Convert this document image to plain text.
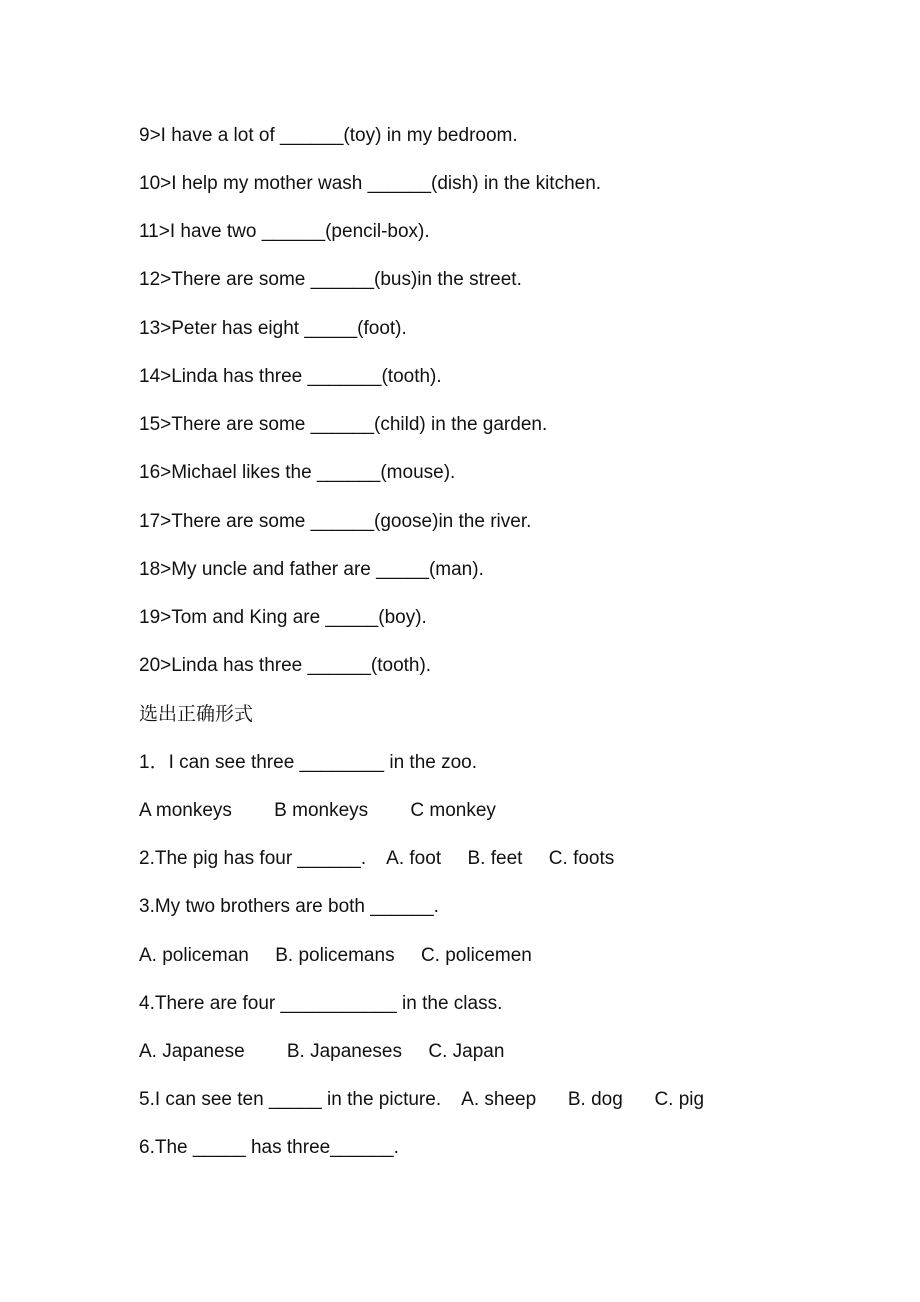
9>I have a lot of ______(toy) in my bedroom.
10>I help my mother wash ______(dish) in the kitchen.
11>I have two ______(pencil-box).
12>There are some ______(bus)in the street.
13>Peter has eight _____(foot).
14>Linda has three _______(tooth).
15>There are some ______(child) in the garden.
16>Michael likes the ______(mouse).
17>There are some ______(goose)in the river.
18>My uncle and father are _____(man).
19>Tom and King are _____(boy).
20>Linda has three ______(tooth).
选出正确形式
1．I can see three ________ in the zoo.
A monkeys        B monkeys        C monkey
2.The pig has four ______.    A. foot     B. feet     C. foots
3.My two brothers are both ______.
A. policeman     B. policemans     C. policemen
4.There are four ___________ in the class.
A. Japanese        B. Japaneses     C. Japan
5.I can see ten _____ in the picture.    A. sheep      B. dog      C. pig
6.The _____ has three______.
